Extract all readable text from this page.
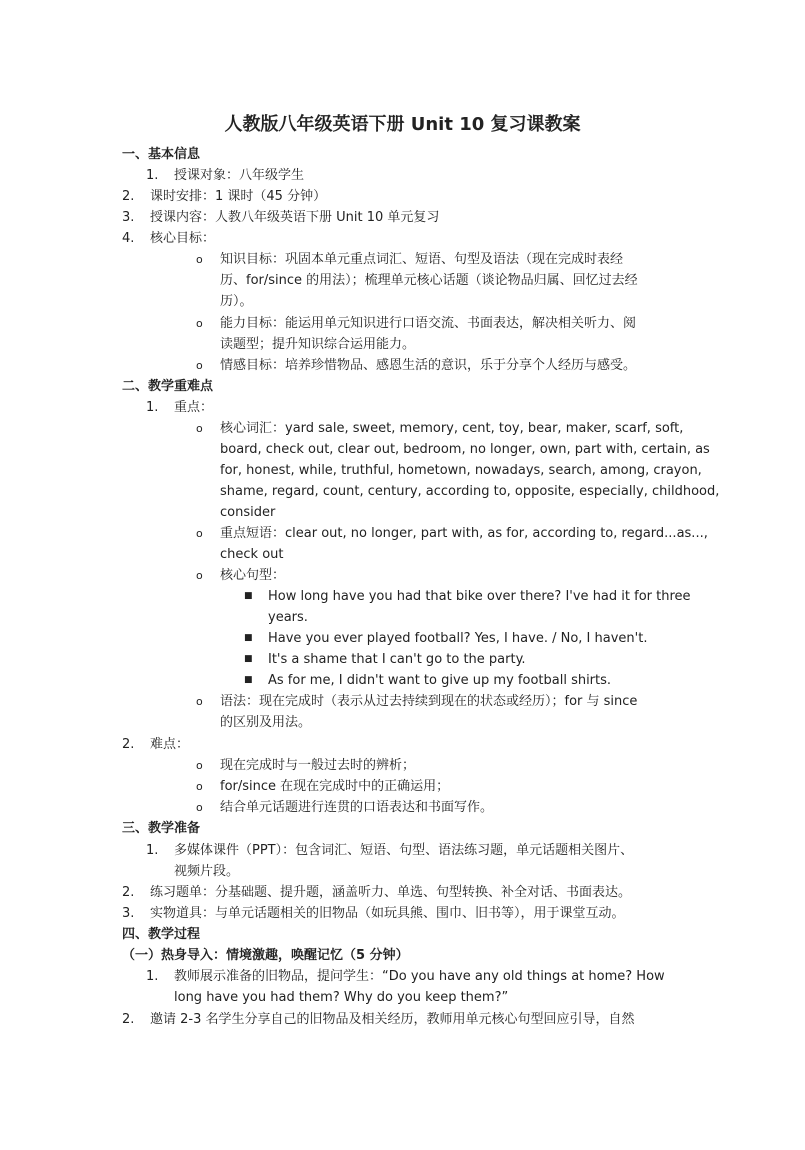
人教版八年级英语下册 Unit 10 复习课教案
一、基本信息
1. 授课对象：八年级学生
2. 课时安排：1 课时（45 分钟）
3. 授课内容：人教八年级英语下册 Unit 10 单元复习
4. 核心目标：
o 知识目标：巩固本单元重点词汇、短语、句型及语法（现在完成时表经
历、for/since 的用法）；梳理单元核心话题（谈论物品归属、回忆过去经
历）。
o 能力目标：能运用单元知识进行口语交流、书面表达，解决相关听力、阅
读题型；提升知识综合运用能力。
o 情感目标：培养珍惜物品、感恩生活的意识，乐于分享个人经历与感受。
二、教学重难点
1. 重点：
o 核心词汇：yard sale, sweet, memory, cent, toy, bear, maker, scarf, soft,
board, check out, clear out, bedroom, no longer, own, part with, certain, as
for, honest, while, truthful, hometown, nowadays, search, among, crayon,
shame, regard, count, century, according to, opposite, especially, childhood,
consider
o 重点短语：clear out, no longer, part with, as for, according to, regard...as...,
check out
o 核心句型：
■ How long have you had that bike over there? I've had it for three
years.
■ Have you ever played football? Yes, I have. / No, I haven't.
■ It's a shame that I can't go to the party.
■ As for me, I didn't want to give up my football shirts.
o 语法：现在完成时（表示从过去持续到现在的状态或经历）；for 与 since
的区别及用法。
2. 难点：
o 现在完成时与一般过去时的辨析；
o for/since 在现在完成时中的正确运用；
o 结合单元话题进行连贯的口语表达和书面写作。
三、教学准备
1. 多媒体课件（PPT）：包含词汇、短语、句型、语法练习题，单元话题相关图片、
视频片段。
2. 练习题单：分基础题、提升题，涵盖听力、单选、句型转换、补全对话、书面表达。
3. 实物道具：与单元话题相关的旧物品（如玩具熊、围巾、旧书等），用于课堂互动。
四、教学过程
（一）热身导入：情境激趣，唤醒记忆（5 分钟）
1. 教师展示准备的旧物品，提问学生：“Do you have any old things at home? How
long have you had them? Why do you keep them?”
2. 邀请 2-3 名学生分享自己的旧物品及相关经历，教师用单元核心句型回应引导，自然
